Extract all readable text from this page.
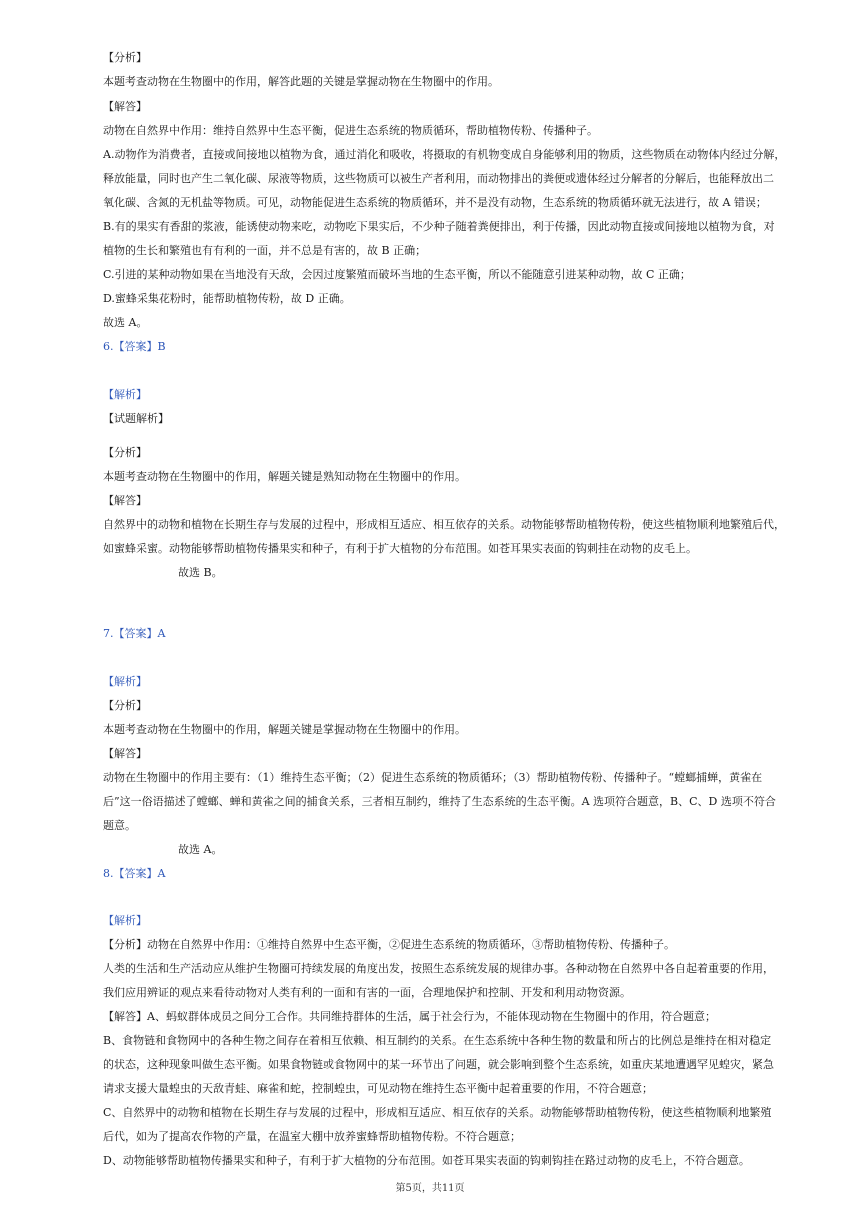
【分析】
本题考查动物在生物圈中的作用，解答此题的关键是掌握动物在生物圈中的作用。
【解答】
动物在自然界中作用：维持自然界中生态平衡，促进生态系统的物质循环，帮助植物传粉、传播种子。
A.动物作为消费者，直接或间接地以植物为食，通过消化和吸收，将摄取的有机物变成自身能够利用的物质，这些物质在动物体内经过分解，
释放能量，同时也产生二氧化碳、尿液等物质，这些物质可以被生产者利用，而动物排出的粪便或遗体经过分解者的分解后，也能释放出二
氧化碳、含氮的无机盐等物质。可见，动物能促进生态系统的物质循环，并不是没有动物，生态系统的物质循环就无法进行，故 A 错误；
B.有的果实有香甜的浆液，能诱使动物来吃，动物吃下果实后，不少种子随着粪便排出，利于传播，因此动物直接或间接地以植物为食，对
植物的生长和繁殖也有有利的一面，并不总是有害的，故 B 正确；
C.引进的某种动物如果在当地没有天敌，会因过度繁殖而破坏当地的生态平衡，所以不能随意引进某种动物，故 C 正确；
D.蜜蜂采集花粉时，能帮助植物传粉，故 D 正确。
故选 A。
6.【答案】B
【解析】
【试题解析】
【分析】
本题考查动物在生物圈中的作用，解题关键是熟知动物在生物圈中的作用。
【解答】
自然界中的动物和植物在长期生存与发展的过程中，形成相互适应、相互依存的关系。动物能够帮助植物传粉，使这些植物顺利地繁殖后代，
如蜜蜂采蜜。动物能够帮助植物传播果实和种子，有利于扩大植物的分布范围。如苍耳果实表面的钩刺挂在动物的皮毛上。
故选 B。
7.【答案】A
【解析】
【分析】
本题考查动物在生物圈中的作用，解题关键是掌握动物在生物圈中的作用。
【解答】
动物在生物圈中的作用主要有：（1）维持生态平衡；（2）促进生态系统的物质循环；（3）帮助植物传粉、传播种子。“螳螂捕蝉，黄雀在
后”这一俗语描述了螳螂、蝉和黄雀之间的捕食关系，三者相互制约，维持了生态系统的生态平衡。A 选项符合题意，B、C、D 选项不符合
题意。
故选 A。
8.【答案】A
【解析】
【分析】动物在自然界中作用：①维持自然界中生态平衡，②促进生态系统的物质循环，③帮助植物传粉、传播种子。
人类的生活和生产活动应从维护生物圈可持续发展的角度出发，按照生态系统发展的规律办事。各种动物在自然界中各自起着重要的作用，
我们应用辨证的观点来看待动物对人类有利的一面和有害的一面，合理地保护和控制、开发和利用动物资源。
【解答】A、蚂蚁群体成员之间分工合作。共同维持群体的生活，属于社会行为，不能体现动物在生物圈中的作用，符合题意；
B、食物链和食物网中的各种生物之间存在着相互依赖、相互制约的关系。在生态系统中各种生物的数量和所占的比例总是维持在相对稳定
的状态，这种现象叫做生态平衡。如果食物链或食物网中的某一环节出了问题，就会影响到整个生态系统，如重庆某地遭遇罕见蝗灾，紧急
请求支援大量蝗虫的天敌青蛙、麻雀和蛇，控制蝗虫，可见动物在维持生态平衡中起着重要的作用，不符合题意；
C、自然界中的动物和植物在长期生存与发展的过程中，形成相互适应、相互依存的关系。动物能够帮助植物传粉，使这些植物顺利地繁殖
后代，如为了提高农作物的产量，在温室大棚中放养蜜蜂帮助植物传粉。不符合题意；
D、动物能够帮助植物传播果实和种子，有利于扩大植物的分布范围。如苍耳果实表面的钩刺钩挂在路过动物的皮毛上，不符合题意。
第5页，共11页
